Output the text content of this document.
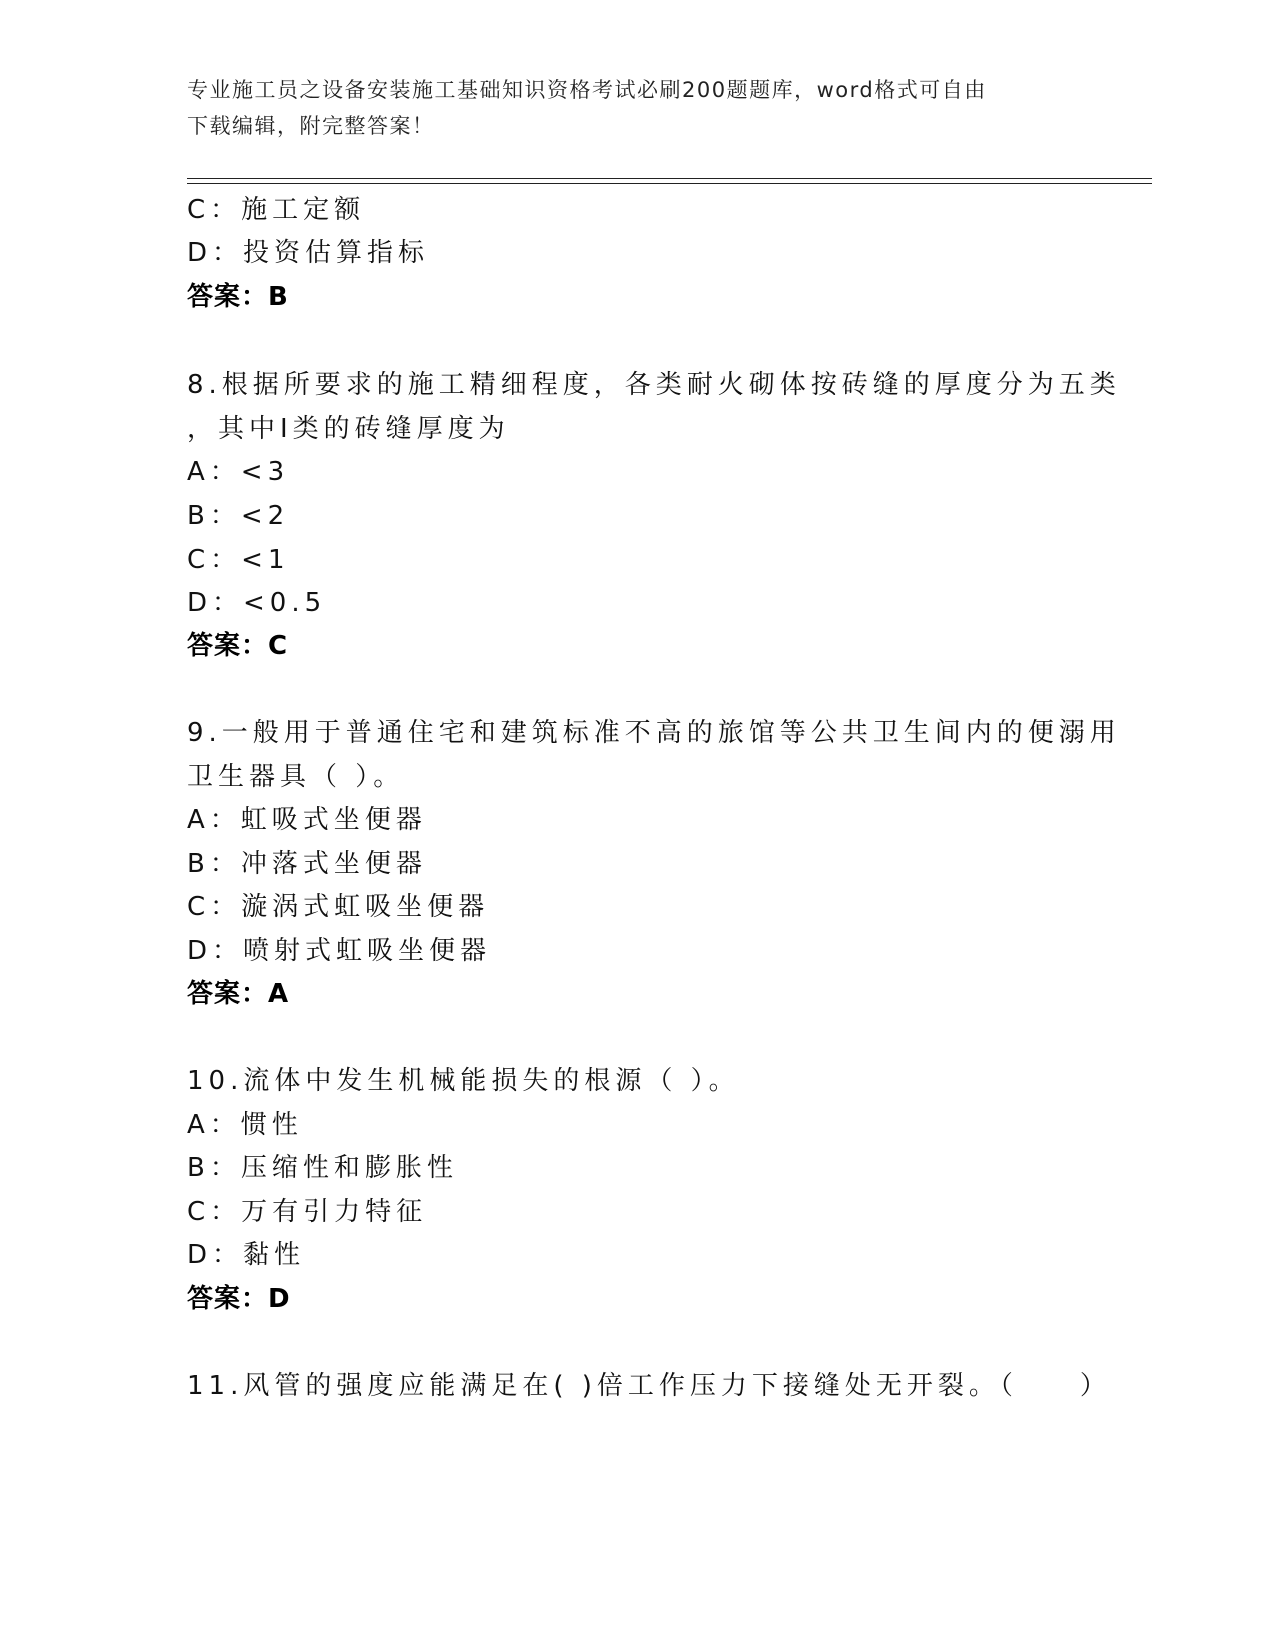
专业施工员之设备安装施工基础知识资格考试必刷200题题库，word格式可自由
下载编辑，附完整答案！
C：施工定额
D：投资估算指标
答案：B
8.根据所要求的施工精细程度，各类耐火砌体按砖缝的厚度分为五类
，其中Ⅰ类的砖缝厚度为
A：<3
B：<2
C：<1
D：<0.5
答案：C
9.一般用于普通住宅和建筑标准不高的旅馆等公共卫生间内的便溺用
卫生器具（ ）。
A：虹吸式坐便器
B：冲落式坐便器
C：漩涡式虹吸坐便器
D：喷射式虹吸坐便器
答案：A
10.流体中发生机械能损失的根源（ ）。
A：惯性
B：压缩性和膨胀性
C：万有引力特征
D：黏性
答案：D
11.风管的强度应能满足在( )倍工作压力下接缝处无开裂。（　　）
